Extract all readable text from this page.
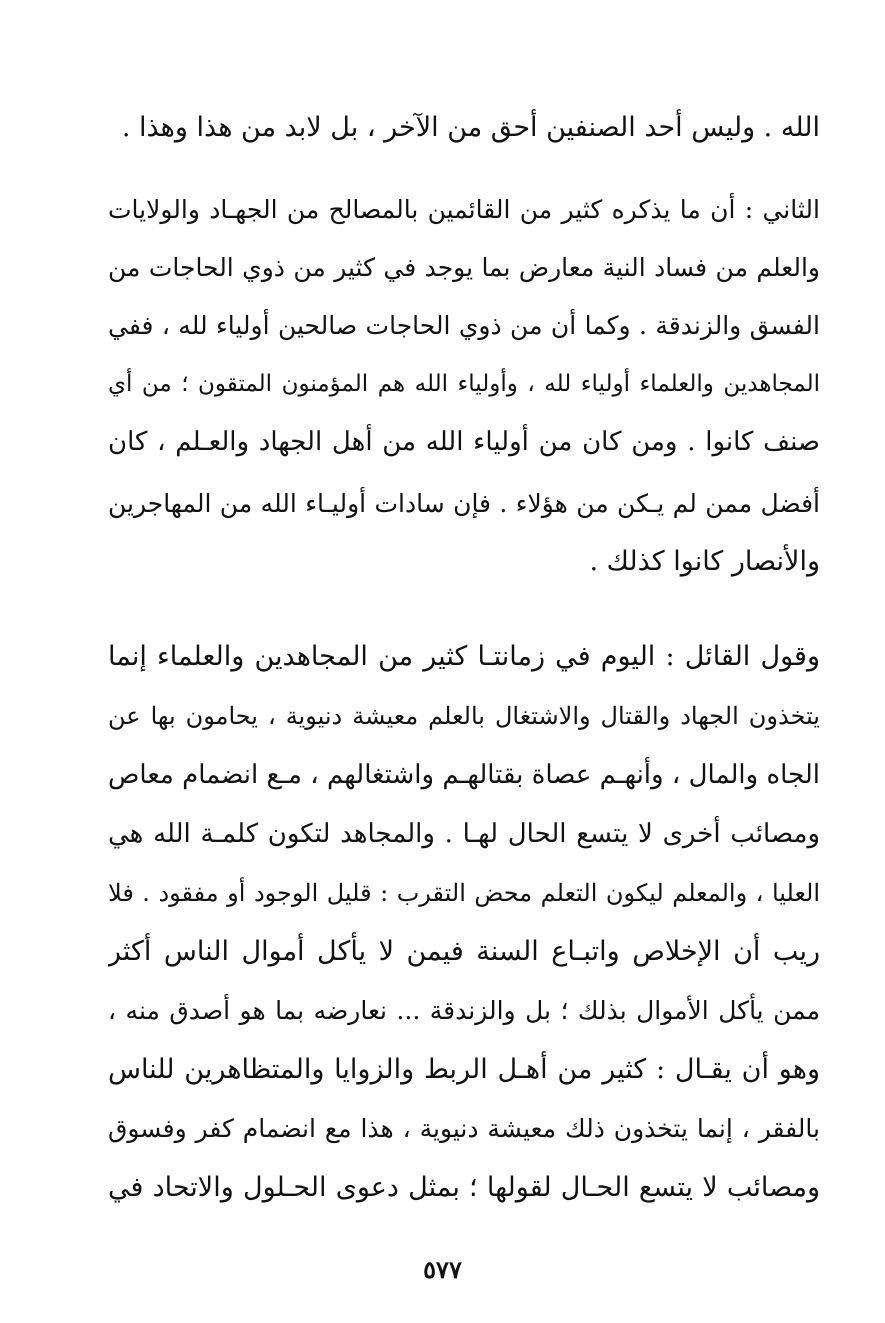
الله . وليس أحد الصنفين أحق من الآخر ، بل لابد من هذا وهذا .
الثاني : أن ما يذكره كثير من القائمين بالمصالح من الجهـاد والولايات
والعلم من فساد النية معارض بما يوجد في كثير من ذوي الحاجات من
الفسق والزندقة . وكما أن من ذوي الحاجات صالحين أولياء لله ، ففي
المجاهدين والعلماء أولياء لله ، وأولياء الله هم المؤمنون المتقون ؛ من أي
صنف كانوا . ومن كان من أولياء الله من أهل الجهاد والعـلم ، كان
أفضل ممن لم يـكن من هؤلاء . فإن سادات أوليـاء الله من المهاجرين
والأنصار كانوا كذلك .
وقول القائل : اليوم في زمانتـا كثير من المجاهدين والعلماء إنما
يتخذون الجهاد والقتال والاشتغال بالعلم معيشة دنيوية ، يحامون بها عن
الجاه والمال ، وأنهـم عصاة بقتالهـم واشتغالهم ، مـع انضمام معاص
ومصائب أخرى لا يتسع الحال لهـا . والمجاهد لتكون كلمـة الله هي
العليا ، والمعلم ليكون التعلم محض التقرب : قليل الوجود أو مفقود . فلا
ريب أن الإخلاص واتبـاع السنة فيمن لا يأكل أموال الناس أكثر
ممن يأكل الأموال بذلك ؛ بل والزندقة ... نعارضه بما هو أصدق منه ،
وهو أن يقـال : كثير من أهـل الربط والزوايا والمتظاهرين للناس
بالفقر ، إنما يتخذون ذلك معيشة دنيوية ، هذا مع انضمام كفر وفسوق
ومصائب لا يتسع الحـال لقولها ؛ بمثل دعوى الحـلول والاتحاد في
٥٧٧
